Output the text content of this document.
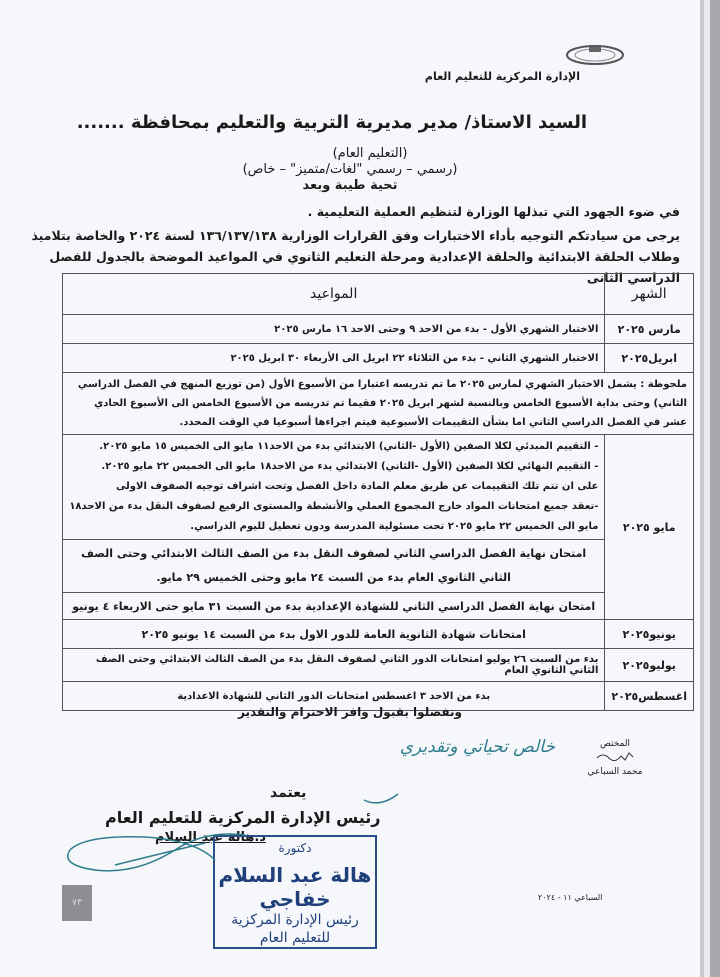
الإدارة المركزية للتعليم العام
السيد الاستاذ/ مدير مديرية التربية والتعليم بمحافظة .......
(التعليم العام)
(رسمي – رسمي "لغات/متميز" – خاص)
تحية طيبة وبعد
في ضوء الجهود التي تبذلها الوزارة لتنظيم العملية التعليمية .
يرجى من سيادتكم التوجيه بأداء الاختبارات وفق القرارات الوزارية ١٣٦/١٣٧/١٣٨ لسنة ٢٠٢٤ والخاصة بتلاميذ وطلاب الحلقة الابتدائية والحلقة الإعدادية ومرحلة التعليم الثانوي في المواعيد الموضحة بالجدول للفصل الدراسي الثانى
الشهر	المواعيد
مارس ٢٠٢٥	الاختبار الشهري الأول - بدء من الاحد ٩ وحتى الاحد ١٦ مارس ٢٠٢٥
ابريل٢٠٢٥	الاختبار الشهري الثاني - بدء من الثلاثاء ٢٢ ابريل الى الأربعاء ٣٠ ابريل ٢٠٢٥
ملحوظة : يشمل الاختبار الشهري لمارس ٢٠٢٥ ما تم تدريسه اعتبارا من الأسبوع الأول (من توزيع المنهج في الفصل الدراسي الثاني) وحتى بداية الأسبوع الخامس وبالنسبة لشهر ابريل ٢٠٢٥ فقيما تم تدريسه من الأسبوع الخامس الى الأسبوع الحادي عشر في الفصل الدراسي الثاني اما بشأن التقييمات الأسبوعية فيتم اجراءها أسبوعيا في الوقت المحدد.	
مايو ٢٠٢٥	- التقييم المبدئي لكلا الصفين (الأول -الثاني) الابتدائي بدء من الاحد١١ مايو الى الخميس ١٥ مايو ٢٠٢٥.
- التقييم النهائي لكلا الصفين (الأول -الثاني) الابتدائي بدء من الاحد١٨ مايو الى الخميس ٢٢ مايو ٢٠٢٥.
على ان تتم تلك التقييمات عن طريق معلم المادة داخل الفصل وتحت اشراف توجيه الصفوف الاولى
-تعقد جميع امتحانات المواد خارج المجموع العملي والأنشطة والمستوى الرفيع لصفوف النقل بدء من الاحد١٨ مايو الى الخميس ٢٢ مايو ٢٠٢٥ تحت مسئولية المدرسة ودون تعطيل لليوم الدراسي.

	امتحان نهاية الفصل الدراسي الثاني لصفوف النقل بدء من الصف الثالث الابتدائي وحتى الصف الثاني الثانوي العام بدء من السبت ٢٤ مايو وحتى الخميس ٢٩ مايو.
	امتحان نهاية الفصل الدراسي الثاني للشهادة الإعدادية بدء من السبت ٣١ مايو حتى الاربعاء ٤ يونيو
يونيو٢٠٢٥	امتحانات شهادة الثانوية العامة للدور الاول بدء من السبت ١٤ يونيو ٢٠٢٥
يوليو٢٠٢٥	بدء من السبت ٢٦ يوليو امتحانات الدور الثاني لصفوف النقل بدء من الصف الثالث الابتدائي وحتى الصف الثاني الثانوي العام
اغسطس٢٠٢٥	بدء من الاحد ٣ اغسطس امتحانات الدور الثاني للشهادة الاعدادية
وتفضلوا بقبول وافر الاحترام والتقدير
المختص
محمد السباعي
خالص تحياتي وتقديري
يعتمد
رئيس الإدارة المركزية للتعليم العام
د.هالة عبد السلام
دكتورة
هالة عبد السلام خفاجي
رئيس الإدارة المركزية
للتعليم العام
٧٣
السباعي ١١ - ٢٠٢٤
